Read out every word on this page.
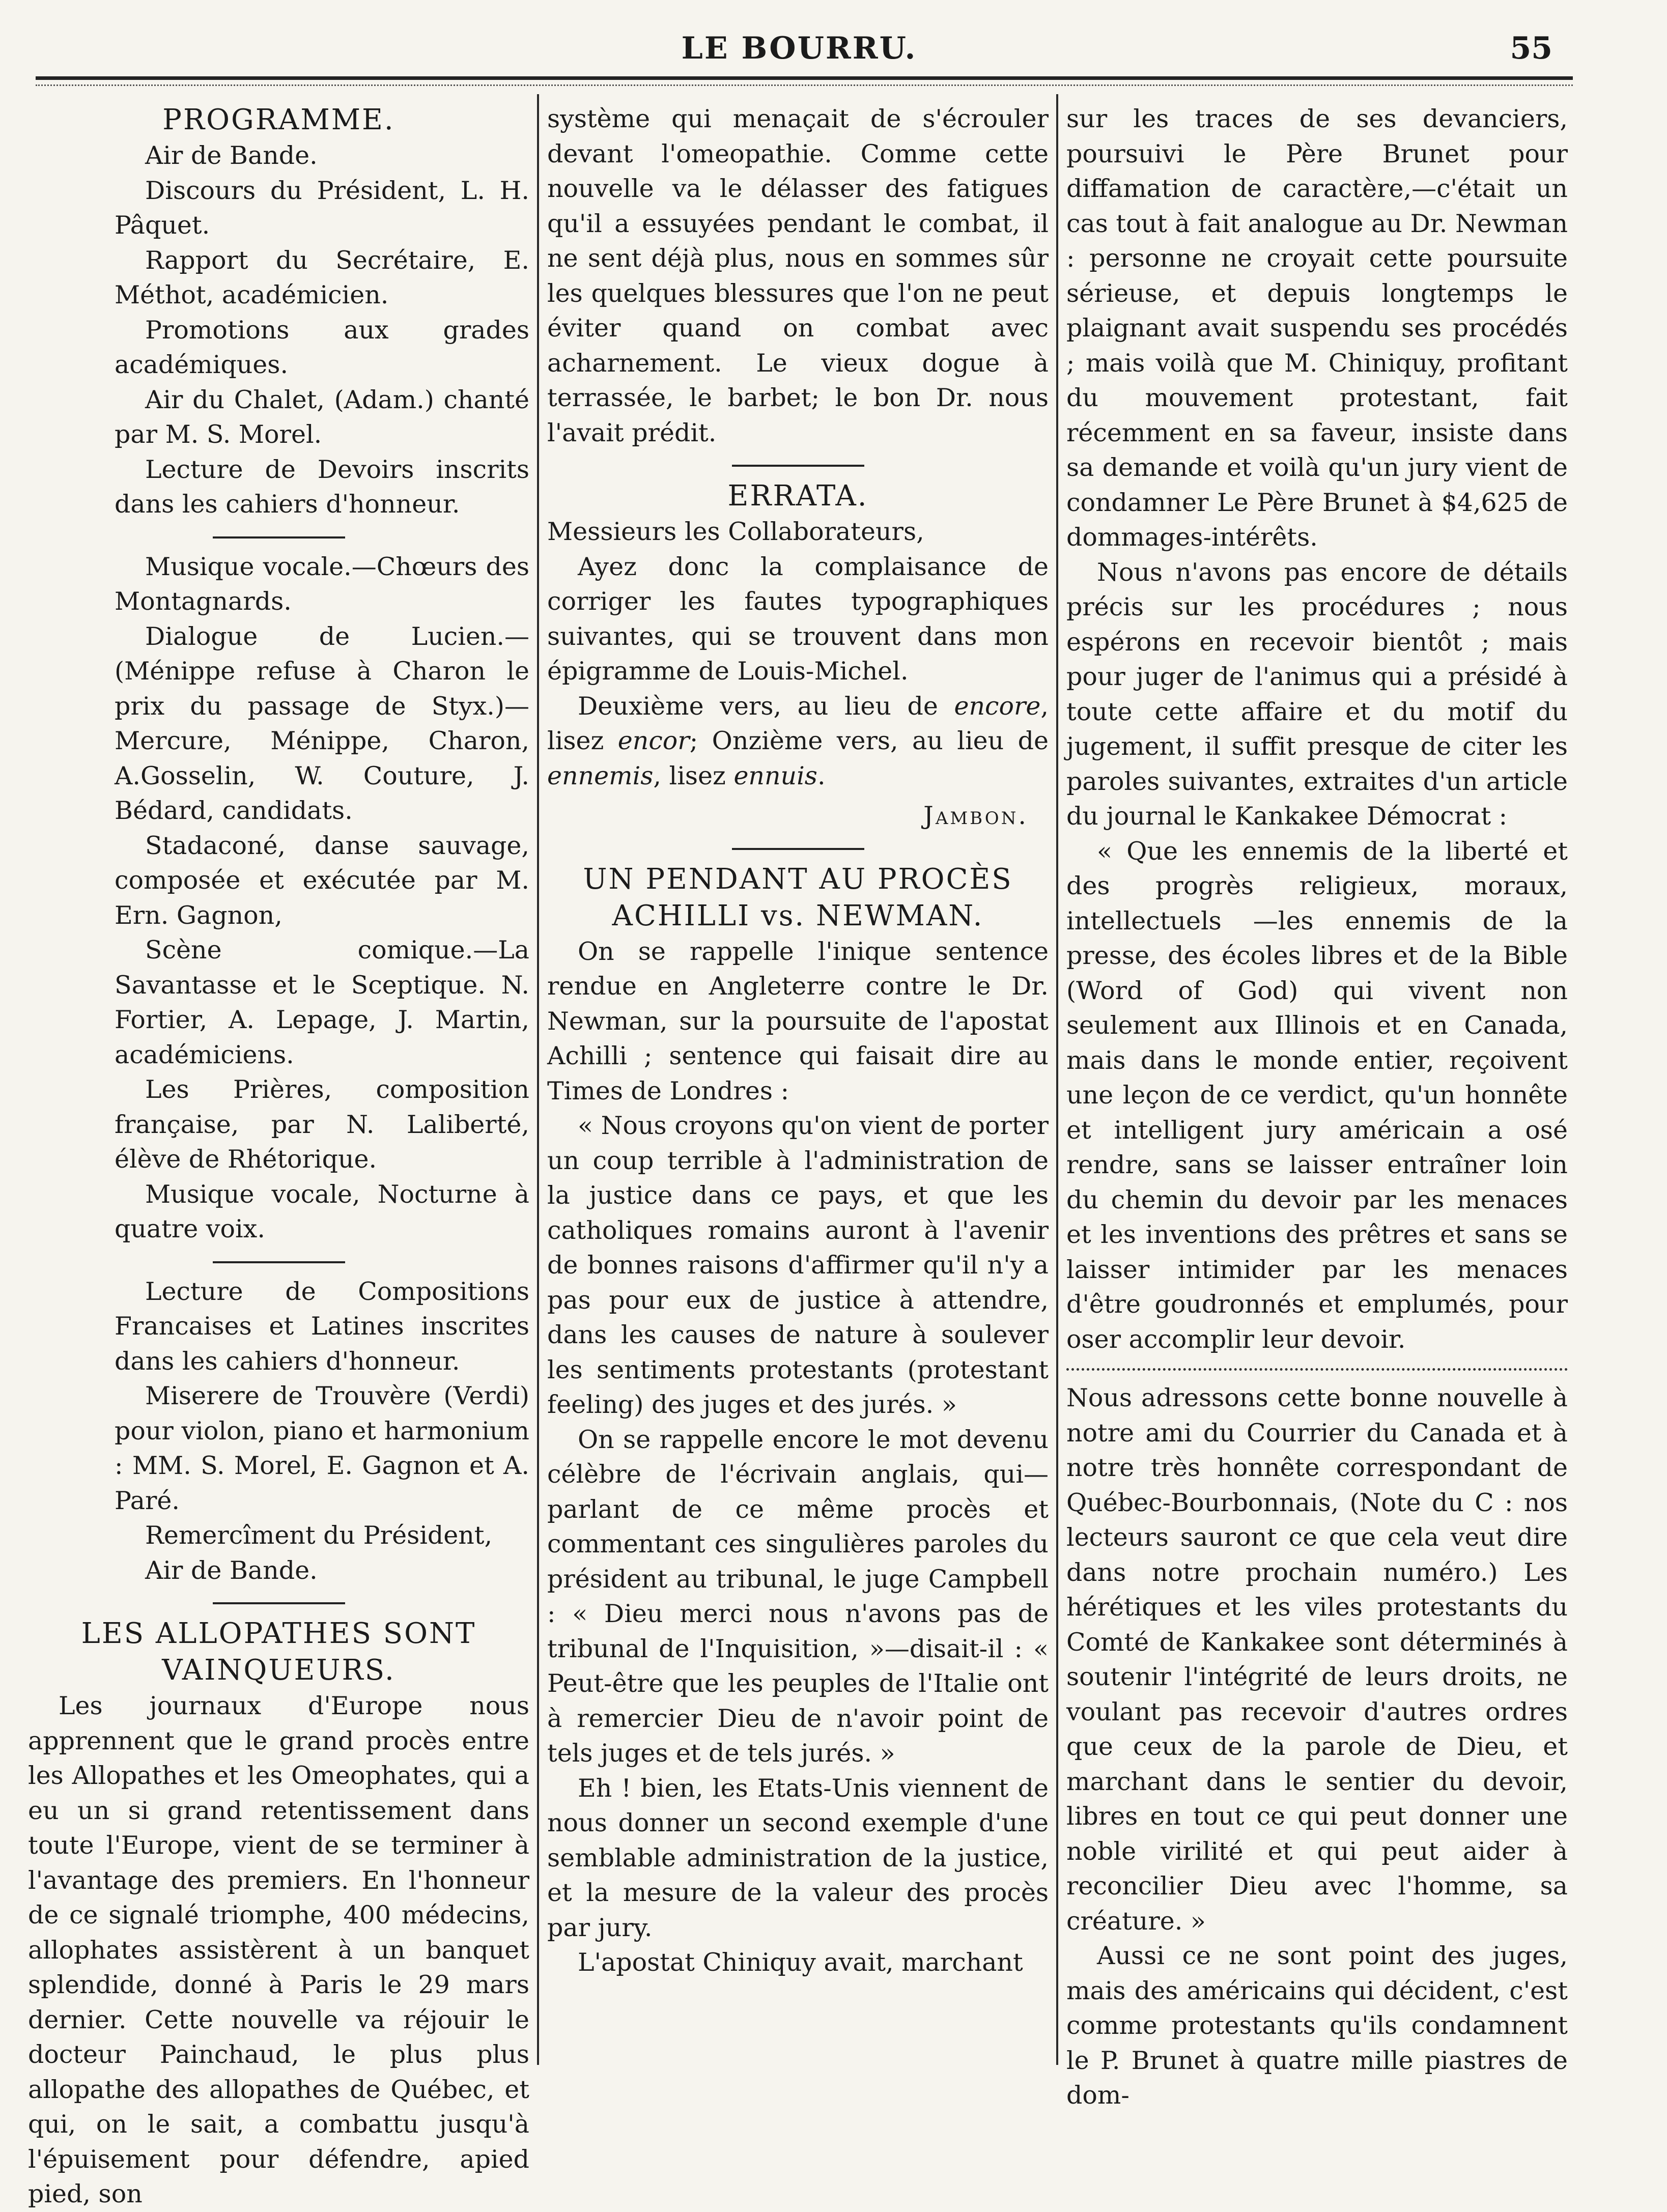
LE BOURRU.	55
PROGRAMME.

Air de Bande.

Discours du Président, L. H. Pâquet.

Rapport du Secrétaire, E. Méthot, académicien.

Promotions aux grades académiques.

Air du Chalet, (Adam.) chanté par M. S. Morel.

Lecture de Devoirs inscrits dans les cahiers d'honneur.

Musique vocale.—Chœurs des Montagnards.

Dialogue de Lucien.—(Ménippe refuse à Charon le prix du passage de Styx.)—Mercure, Ménippe, Charon, A.Gosselin, W. Couture, J. Bédard, candidats.

Stadaconé, danse sauvage, composée et exécutée par M. Ern. Gagnon,

Scène comique.—La Savantasse et le Sceptique. N. Fortier, A. Lepage, J. Martin, académiciens.

Les Prières, composition française, par N. Laliberté, élève de Rhétorique.

Musique vocale, Nocturne à quatre voix.

Lecture de Compositions Francaises et Latines inscrites dans les cahiers d'honneur.

Miserere de Trouvère (Verdi) pour violon, piano et harmonium : MM. S. Morel, E. Gagnon et A. Paré.

Remercîment du Président,

Air de Bande.

LES ALLOPATHES SONT VAINQUEURS.

Les journaux d'Europe nous apprennent que le grand procès entre les Allopathes et les Omeophates, qui a eu un si grand retentissement dans toute l'Europe, vient de se terminer à l'avantage des premiers. En l'honneur de ce signalé triomphe, 400 médecins, allophates assistèrent à un banquet splendide, donné à Paris le 29 mars dernier. Cette nouvelle va réjouir le docteur Painchaud, le plus plus allopathe des allopathes de Québec, et qui, on le sait, a combattu jusqu'à l'épuisement pour défendre, apied pied, son

système qui menaçait de s'écrouler devant l'omeopathie. Comme cette nouvelle va le délasser des fatigues qu'il a essuyées pendant le combat, il ne sent déjà plus, nous en sommes sûr les quelques blessures que l'on ne peut éviter quand on combat avec acharnement. Le vieux dogue à terrassée, le barbet; le bon Dr. nous l'avait prédit.

ERRATA.

Messieurs les Collaborateurs,

Ayez donc la complaisance de corriger les fautes typographiques suivantes, qui se trouvent dans mon épigramme de Louis-Michel.

Deuxième vers, au lieu de encore, lisez encor; Onzième vers, au lieu de ennemis, lisez ennuis.

Jambon.
UN PENDANT AU PROCÈS ACHILLI vs. NEWMAN.

On se rappelle l'inique sentence rendue en Angleterre contre le Dr. Newman, sur la poursuite de l'apostat Achilli ; sentence qui faisait dire au Times de Londres :

« Nous croyons qu'on vient de porter un coup terrible à l'administration de la justice dans ce pays, et que les catholiques romains auront à l'avenir de bonnes raisons d'affirmer qu'il n'y a pas pour eux de justice à attendre, dans les causes de nature à soulever les sentiments protestants (protestant feeling) des juges et des jurés. »

On se rappelle encore le mot devenu célèbre de l'écrivain anglais, qui—parlant de ce même procès et commentant ces singulières paroles du président au tribunal, le juge Campbell : « Dieu merci nous n'avons pas de tribunal de l'Inquisition, »—disait-il : « Peut-être que les peuples de l'Italie ont à remercier Dieu de n'avoir point de tels juges et de tels jurés. »

Eh ! bien, les Etats-Unis viennent de nous donner un second exemple d'une semblable administration de la justice, et la mesure de la valeur des procès par jury.

L'apostat Chiniquy avait, marchant

sur les traces de ses devanciers, poursuivi le Père Brunet pour diffamation de caractère,—c'était un cas tout à fait analogue au Dr. Newman : personne ne croyait cette poursuite sérieuse, et depuis longtemps le plaignant avait suspendu ses procédés ; mais voilà que M. Chiniquy, profitant du mouvement protestant, fait récemment en sa faveur, insiste dans sa demande et voilà qu'un jury vient de condamner Le Père Brunet à $4,625 de dommages-intérêts.

Nous n'avons pas encore de détails précis sur les procédures ; nous espérons en recevoir bientôt ; mais pour juger de l'animus qui a présidé à toute cette affaire et du motif du jugement, il suffit presque de citer les paroles suivantes, extraites d'un article du journal le Kankakee Démocrat :

« Que les ennemis de la liberté et des progrès religieux, moraux, intellectuels —les ennemis de la presse, des écoles libres et de la Bible (Word of God) qui vivent non seulement aux Illinois et en Canada, mais dans le monde entier, reçoivent une leçon de ce verdict, qu'un honnête et intelligent jury américain a osé rendre, sans se laisser entraîner loin du chemin du devoir par les menaces et les inventions des prêtres et sans se laisser intimider par les menaces d'être goudronnés et emplumés, pour oser accomplir leur devoir.

Nous adressons cette bonne nouvelle à notre ami du Courrier du Canada et à notre très honnête correspondant de Québec-Bourbonnais, (Note du C : nos lecteurs sauront ce que cela veut dire dans notre prochain numéro.) Les hérétiques et les viles protestants du Comté de Kankakee sont déterminés à soutenir l'intégrité de leurs droits, ne voulant pas recevoir d'autres ordres que ceux de la parole de Dieu, et marchant dans le sentier du devoir, libres en tout ce qui peut donner une noble virilité et qui peut aider à reconcilier Dieu avec l'homme, sa créature. »

Aussi ce ne sont point des juges, mais des américains qui décident, c'est comme protestants qu'ils condamnent le P. Brunet à quatre mille piastres de dom-
